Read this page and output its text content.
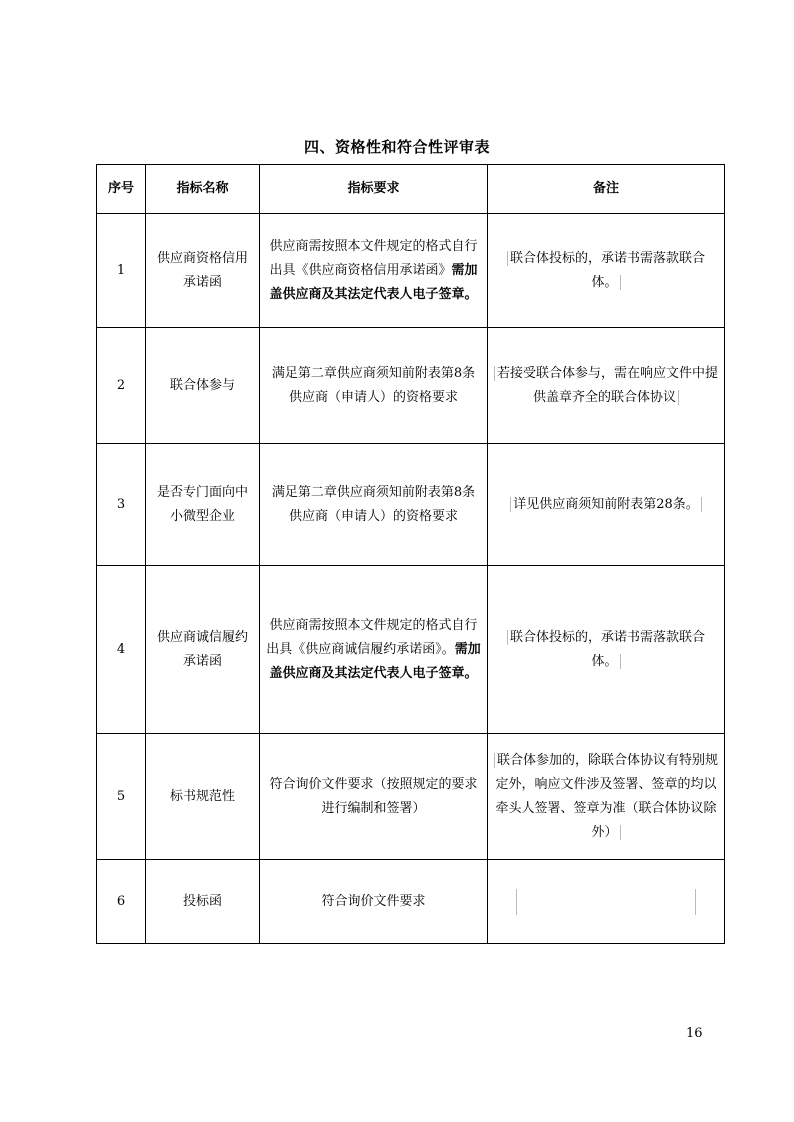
四、资格性和符合性评审表
序号	指标名称	指标要求	备注
1	供应商资格信用承诺函	供应商需按照本文件规定的格式自行出具《供应商资格信用承诺函》需加盖供应商及其法定代表人电子签章。	联合体投标的，承诺书需落款联合体。
2	联合体参与	满足第二章供应商须知前附表第8条供应商（申请人）的资格要求	若接受联合体参与，需在响应文件中提供盖章齐全的联合体协议
3	是否专门面向中小微型企业	满足第二章供应商须知前附表第8条供应商（申请人）的资格要求	详见供应商须知前附表第28条。
4	供应商诚信履约承诺函	供应商需按照本文件规定的格式自行出具《供应商诚信履约承诺函》。需加盖供应商及其法定代表人电子签章。	联合体投标的，承诺书需落款联合体。
5	标书规范性	符合询价文件要求（按照规定的要求进行编制和签署）	联合体参加的，除联合体协议有特别规定外，响应文件涉及签署、签章的均以牵头人签署、签章为准（联合体协议除外）
6	投标函	符合询价文件要求	
16
